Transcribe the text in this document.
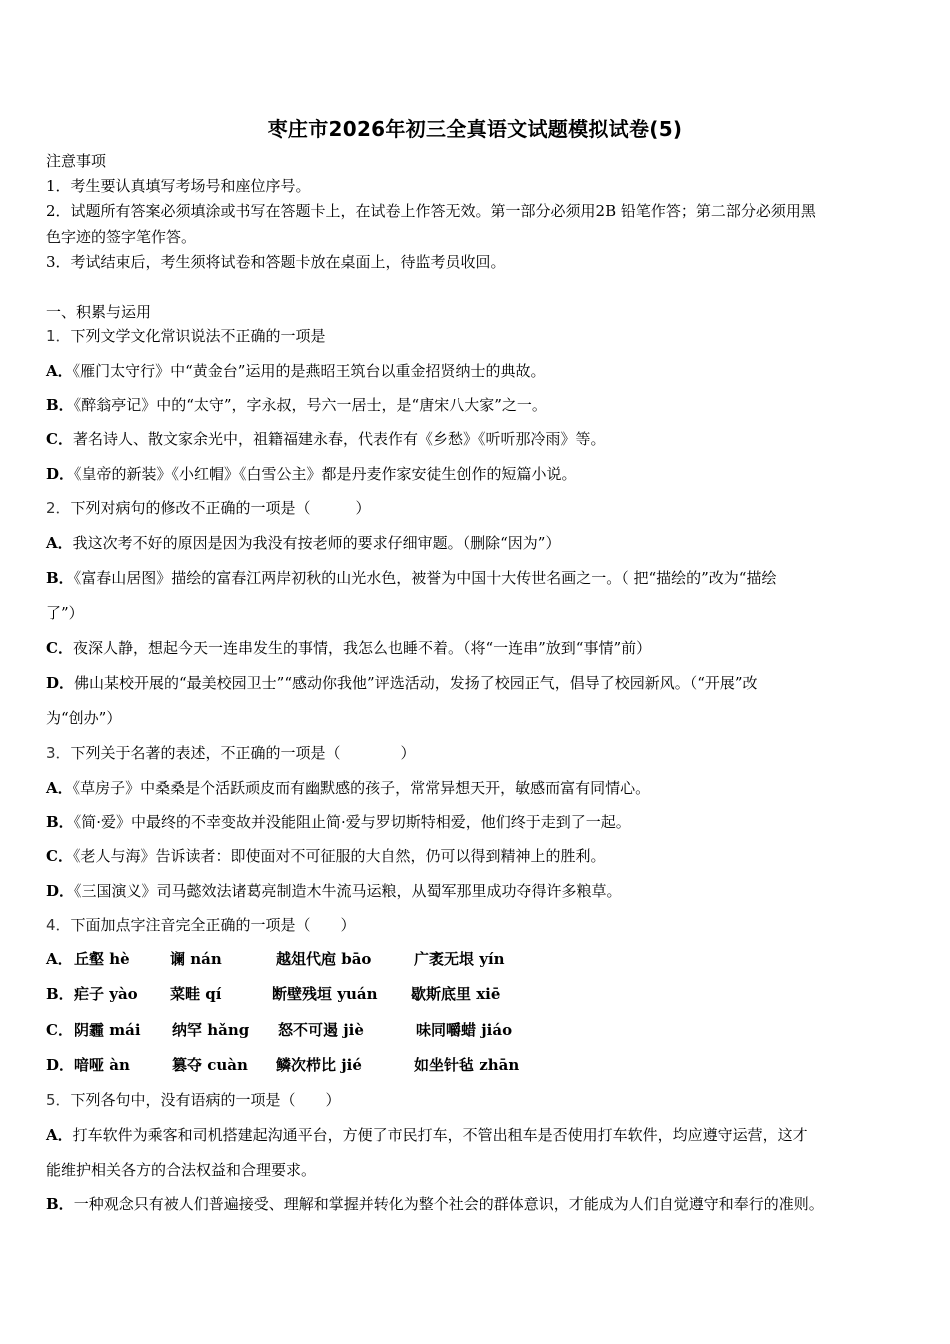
枣庄市2026年初三全真语文试题模拟试卷(5)
注意事项
1．考生要认真填写考场号和座位序号。
2．试题所有答案必须填涂或书写在答题卡上，在试卷上作答无效。第一部分必须用2B 铅笔作答；第二部分必须用黑
色字迹的签字笔作答。
3．考试结束后，考生须将试卷和答题卡放在桌面上，待监考员收回。
一、积累与运用
1．下列文学文化常识说法不正确的一项是
A．《雁门太守行》中“黄金台”运用的是燕昭王筑台以重金招贤纳士的典故。
B．《醉翁亭记》中的“太守”，字永叔，号六一居士，是“唐宋八大家”之一。
C．著名诗人、散文家余光中，祖籍福建永春，代表作有《乡愁》《听听那冷雨》等。
D．《皇帝的新装》《小红帽》《白雪公主》都是丹麦作家安徒生创作的短篇小说。
2．下列对病句的修改不正确的一项是（　　　）
A．我这次考不好的原因是因为我没有按老师的要求仔细审题。（删除“因为”）
B．《富春山居图》描绘的富春江两岸初秋的山光水色，被誉为中国十大传世名画之一。（ 把“描绘的”改为“描绘
了”）
C．夜深人静，想起今天一连串发生的事情，我怎么也睡不着。（将“一连串”放到“事情”前）
D．佛山某校开展的“最美校园卫士”“感动你我他”评选活动，发扬了校园正气，倡导了校园新风。（“开展”改
为“创办”）
3．下列关于名著的表述，不正确的一项是（　　　　）
A．《草房子》中桑桑是个活跃顽皮而有幽默感的孩子，常常异想天开，敏感而富有同情心。
B．《简·爱》中最终的不幸变故并没能阻止简·爱与罗切斯特相爱，他们终于走到了一起。
C．《老人与海》告诉读者：即使面对不可征服的大自然，仍可以得到精神上的胜利。
D．《三国演义》司马懿效法诸葛亮制造木牛流马运粮，从蜀军那里成功夺得许多粮草。
4．下面加点字注音完全正确的一项是（　　）
A．丘壑 hè	谰 nán	越俎代庖 bāo	广袤无垠 yín
B．疟子 yào 菜畦 qí	断壁残垣 yuán 歇斯底里 xiē
C．阴霾 mái 纳罕 hǎng 怒不可遏 jiè	味同嚼蜡 jiáo
D．喑哑 àn	篡夺 cuàn 鳞次栉比 jié	如坐针毡 zhān
5．下列各句中，没有语病的一项是（　　）
A．打车软件为乘客和司机搭建起沟通平台，方便了市民打车，不管出租车是否使用打车软件，均应遵守运营，这才
能维护相关各方的合法权益和合理要求。
B．一种观念只有被人们普遍接受、理解和掌握并转化为整个社会的群体意识，才能成为人们自觉遵守和奉行的准则。
